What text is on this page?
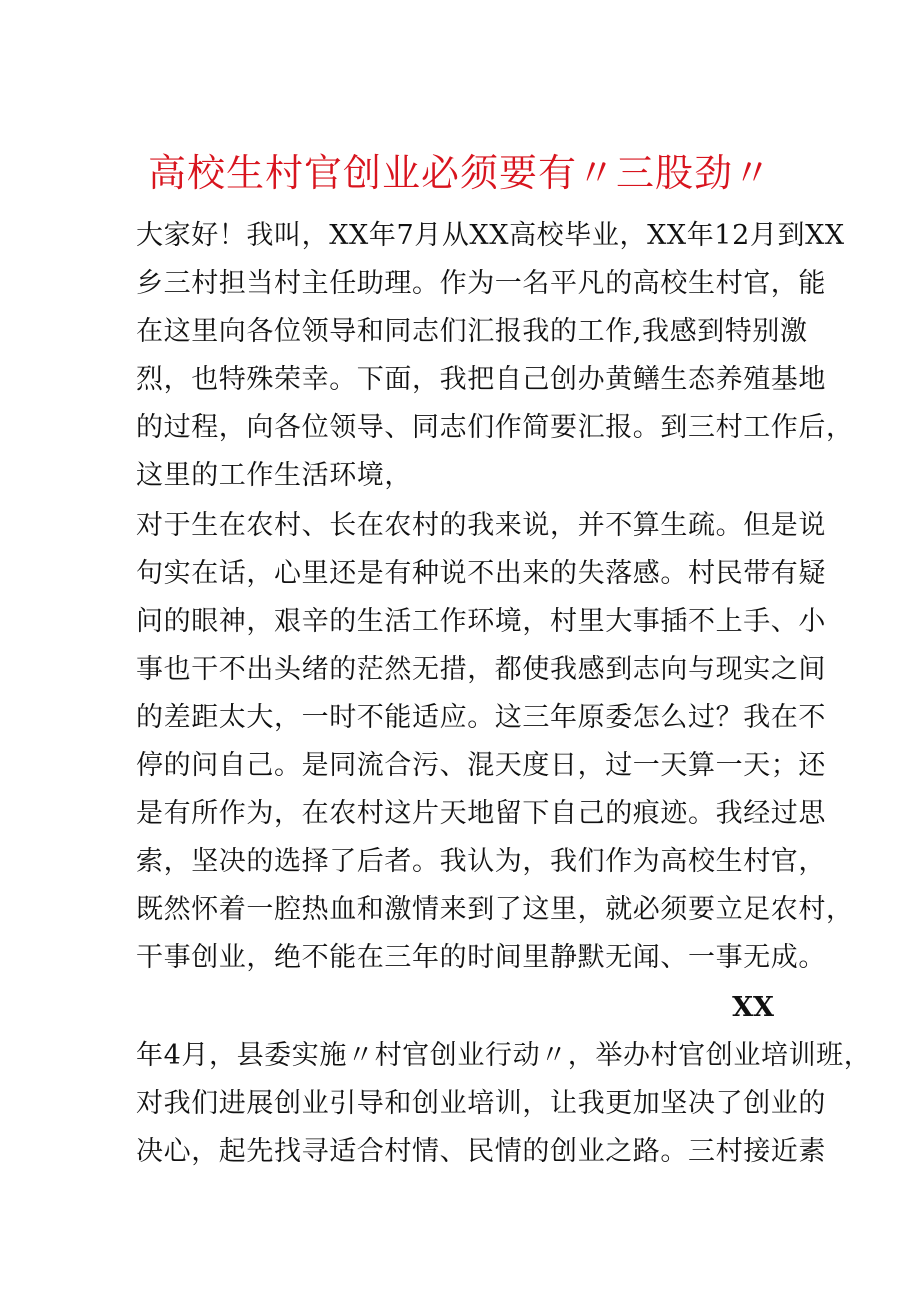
高校生村官创业必须要有〃三股劲〃
大家好！我叫，XX年7月从XX高校毕业，XX年12月到XX
乡三村担当村主任助理。作为一名平凡的高校生村官，能
在这里向各位领导和同志们汇报我的工作,我感到特别激
烈，也特殊荣幸。下面，我把自己创办黄鳝生态养殖基地
的过程，向各位领导、同志们作简要汇报。到三村工作后，
这里的工作生活环境，
对于生在农村、长在农村的我来说，并不算生疏。但是说
句实在话，心里还是有种说不出来的失落感。村民带有疑
问的眼神，艰辛的生活工作环境，村里大事插不上手、小
事也干不出头绪的茫然无措，都使我感到志向与现实之间
的差距太大，一时不能适应。这三年原委怎么过？我在不
停的问自己。是同流合污、混天度日，过一天算一天；还
是有所作为，在农村这片天地留下自己的痕迹。我经过思
索，坚决的选择了后者。我认为，我们作为高校生村官，
既然怀着一腔热血和激情来到了这里，就必须要立足农村，
干事创业，绝不能在三年的时间里静默无闻、一事无成。
XX
年4月，县委实施〃村官创业行动〃，举办村官创业培训班，
对我们进展创业引导和创业培训，让我更加坚决了创业的
决心，起先找寻适合村情、民情的创业之路。三村接近素
